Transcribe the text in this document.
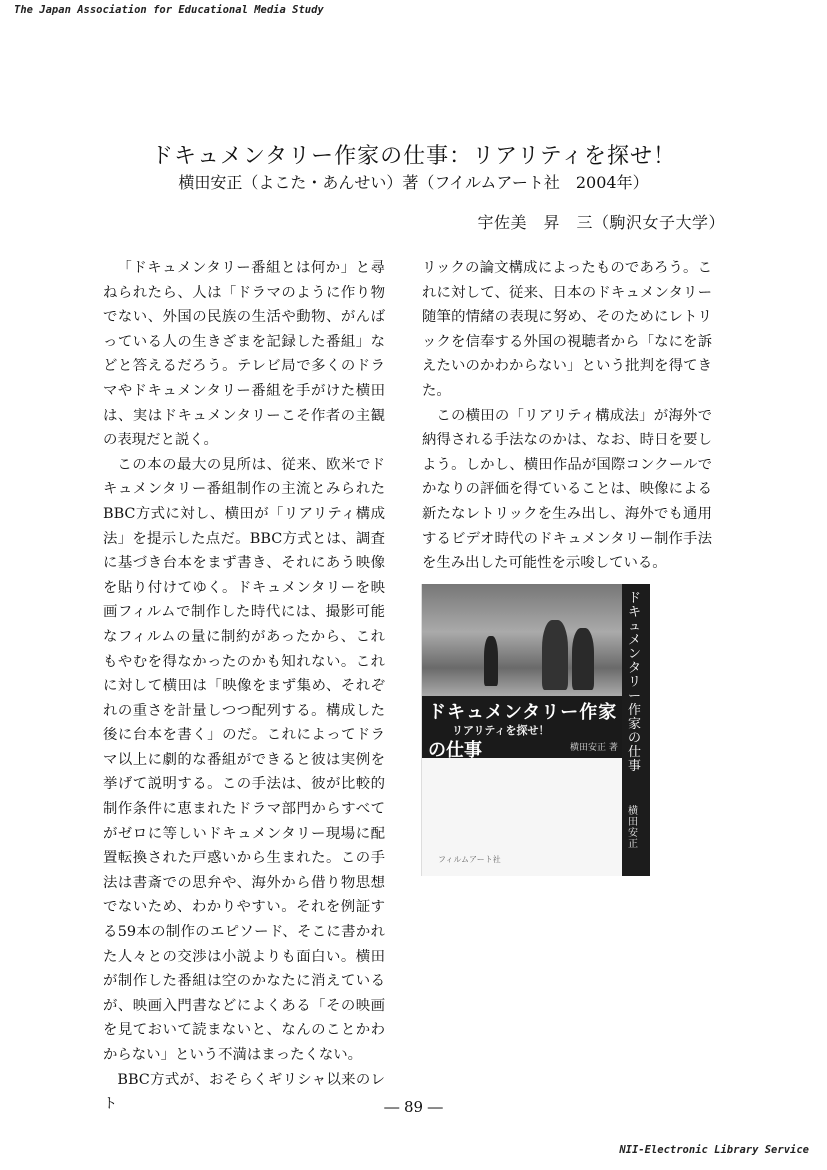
The Japan Association for Educational Media Study
ドキュメンタリー作家の仕事：リアリティを探せ！
横田安正（よこた・あんせい）著（フイルムアート社　2004年）
宇佐美　昇　三（駒沢女子大学）

「ドキュメンタリー番組とは何か」と尋ねられたら、人は「ドラマのように作り物でない、外国の民族の生活や動物、がんばっている人の生きざまを記録した番組」などと答えるだろう。テレビ局で多くのドラマやドキュメンタリー番組を手がけた横田は、実はドキュメンタリーこそ作者の主観の表現だと説く。

この本の最大の見所は、従来、欧米でドキュメンタリー番組制作の主流とみられたBBC方式に対し、横田が「リアリティ構成法」を提示した点だ。BBC方式とは、調査に基づき台本をまず書き、それにあう映像を貼り付けてゆく。ドキュメンタリーを映画フィルムで制作した時代には、撮影可能なフィルムの量に制約があったから、これもやむを得なかったのかも知れない。これに対して横田は「映像をまず集め、それぞれの重さを計量しつつ配列する。構成した後に台本を書く」のだ。これによってドラマ以上に劇的な番組ができると彼は実例を挙げて説明する。この手法は、彼が比較的制作条件に恵まれたドラマ部門からすべてがゼロに等しいドキュメンタリー現場に配置転換された戸惑いから生まれた。この手法は書斎での思弁や、海外から借り物思想でないため、わかりやすい。それを例証する59本の制作のエピソード、そこに書かれた人々との交渉は小説よりも面白い。横田が制作した番組は空のかなたに消えているが、映画入門書などによくある「その映画を見ておいて読まないと、なんのことかわからない」という不満はまったくない。

BBC方式が、おそらくギリシャ以来のレト

リックの論文構成によったものであろう。これに対して、従来、日本のドキュメンタリー随筆的情緒の表現に努め、そのためにレトリックを信奉する外国の視聴者から「なにを訴えたいのかわからない」という批判を得てきた。

この横田の「リアリティ構成法」が海外で納得される手法なのかは、なお、時日を要しよう。しかし、横田作品が国際コンクールでかなりの評価を得ていることは、映像による新たなレトリックを生み出し、海外でも通用するビデオ時代のドキュメンタリー制作手法を生み出した可能性を示唆している。

ドキュメンタリー作家
リアリティを探せ！
の仕事	横田安正 著
ドキュメンタリー作家の仕事
横田安正
フィルムアート社
― 89 ―
NII-Electronic Library Service
